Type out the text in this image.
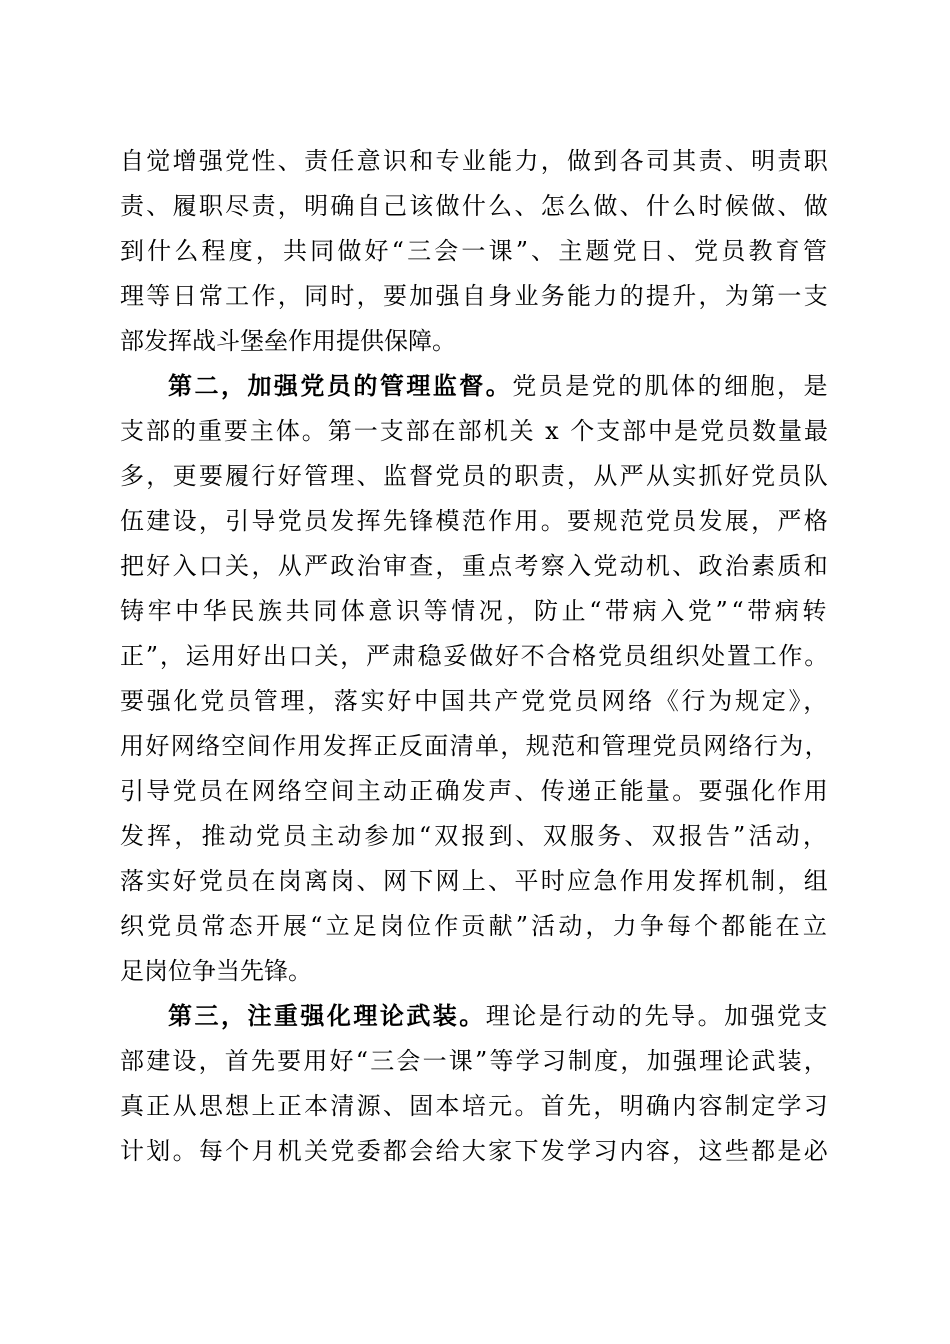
自觉增强党性、责任意识和专业能力，做到各司其责、明责职
责、履职尽责，明确自己该做什么、怎么做、什么时候做、做
到什么程度，共同做好“三会一课”、主题党日、党员教育管
理等日常工作，同时，要加强自身业务能力的提升，为第一支
部发挥战斗堡垒作用提供保障。
第二，加强党员的管理监督。党员是党的肌体的细胞，是
支部的重要主体。第一支部在部机关 x 个支部中是党员数量最
多，更要履行好管理、监督党员的职责，从严从实抓好党员队
伍建设，引导党员发挥先锋模范作用。要规范党员发展，严格
把好入口关，从严政治审查，重点考察入党动机、政治素质和
铸牢中华民族共同体意识等情况，防止“带病入党”“带病转
正”，运用好出口关，严肃稳妥做好不合格党员组织处置工作。
要强化党员管理，落实好中国共产党党员网络《行为规定》，
用好网络空间作用发挥正反面清单，规范和管理党员网络行为，
引导党员在网络空间主动正确发声、传递正能量。要强化作用
发挥，推动党员主动参加“双报到、双服务、双报告”活动，
落实好党员在岗离岗、网下网上、平时应急作用发挥机制，组
织党员常态开展“立足岗位作贡献”活动，力争每个都能在立
足岗位争当先锋。
第三，注重强化理论武装。理论是行动的先导。加强党支
部建设，首先要用好“三会一课”等学习制度，加强理论武装，
真正从思想上正本清源、固本培元。首先，明确内容制定学习
计划。每个月机关党委都会给大家下发学习内容，这些都是必
